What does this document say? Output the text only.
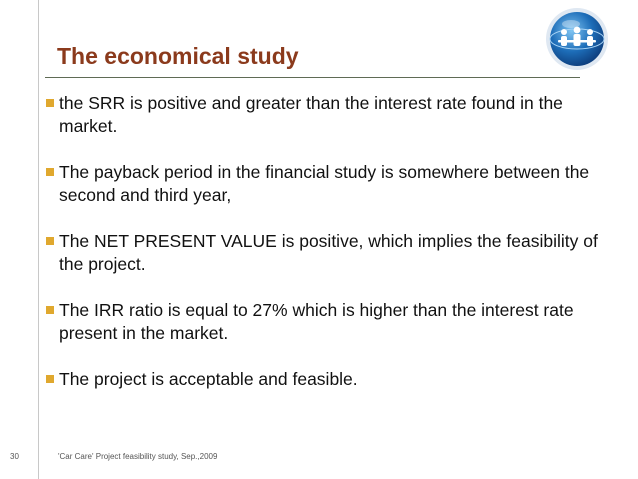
The economical study
the SRR is positive and greater than the interest rate found in the market.
The payback period in the financial study is somewhere between the second and third year,
The NET PRESENT VALUE is positive, which implies the feasibility of the project.
The IRR ratio is equal to 27% which is higher than the interest rate present in the market.
The project is acceptable and feasible.
30	'Car Care' Project feasibility study, Sep.,2009
